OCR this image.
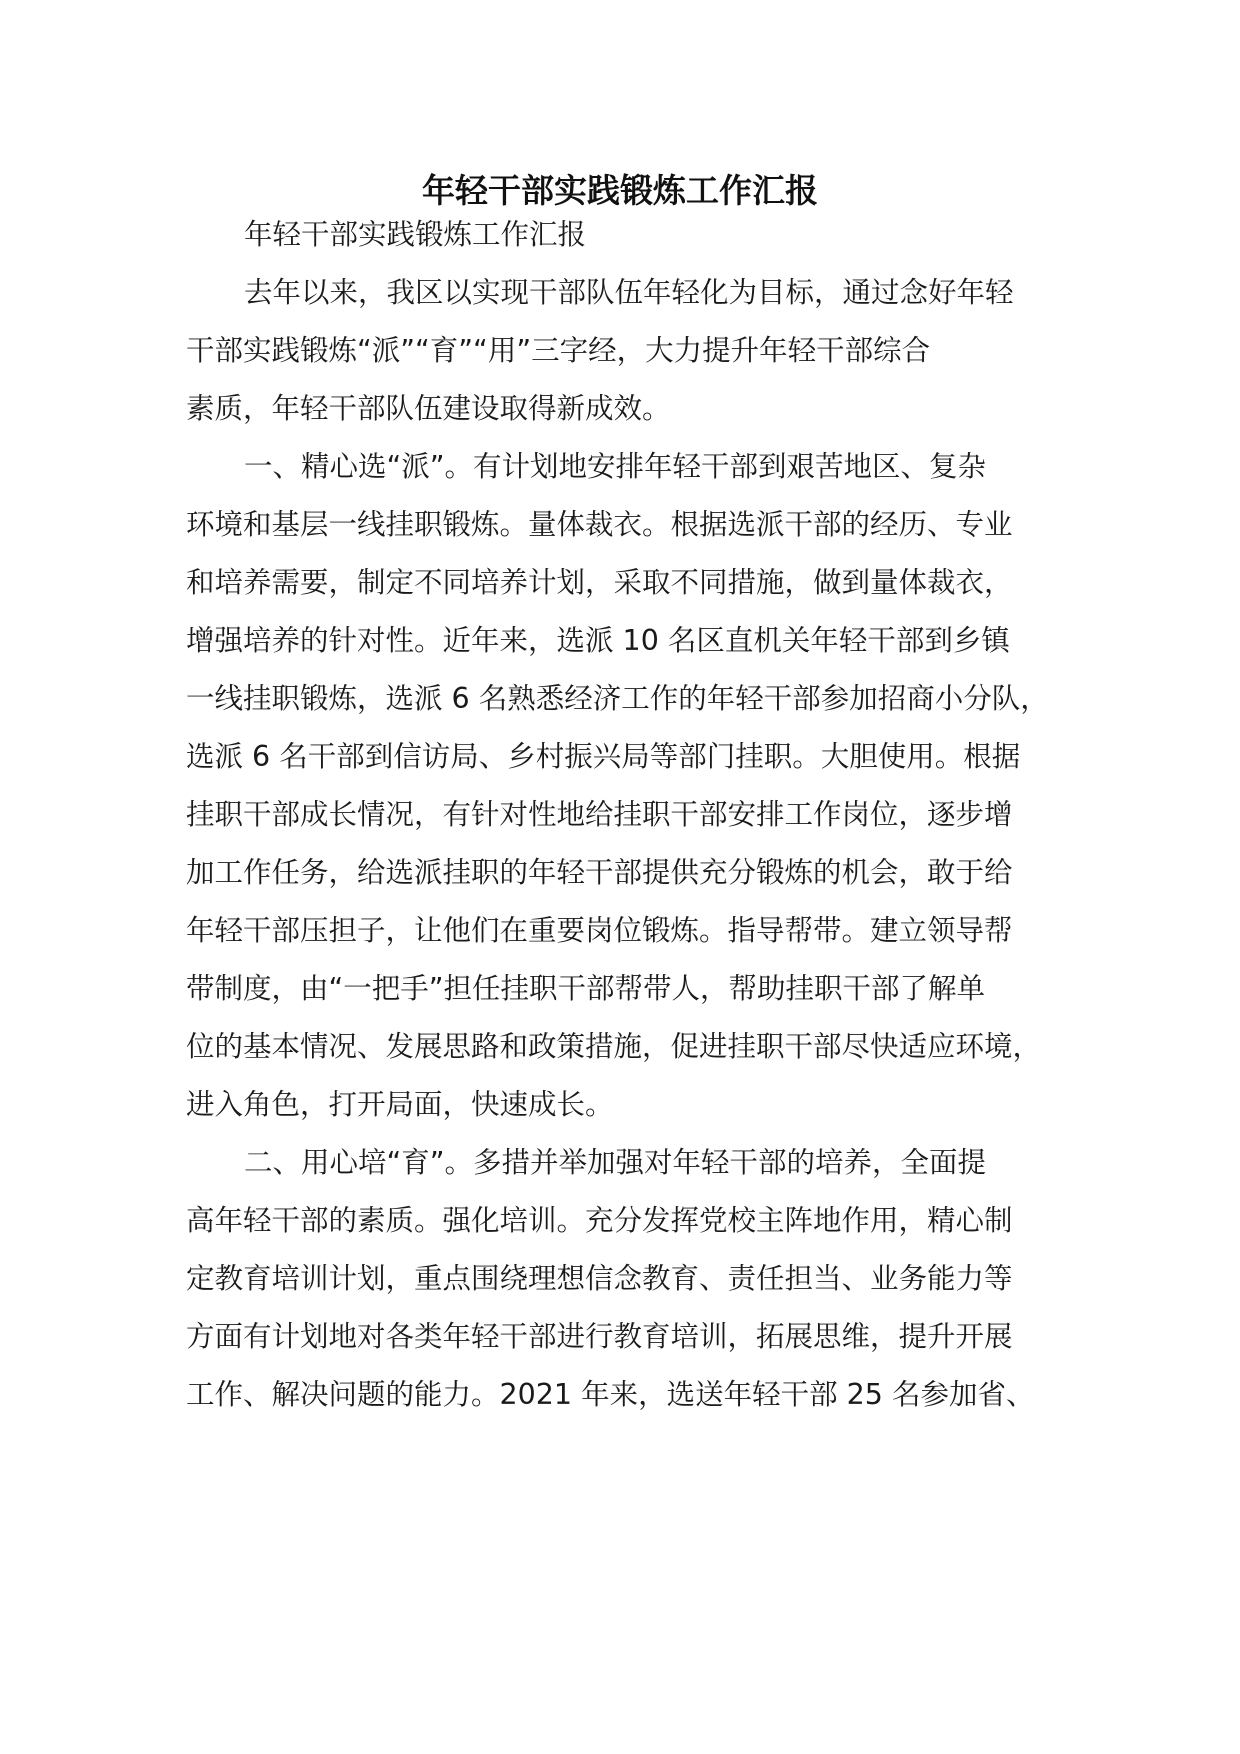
年轻干部实践锻炼工作汇报
年轻干部实践锻炼工作汇报
去年以来，我区以实现干部队伍年轻化为目标，通过念好年轻
干部实践锻炼“派”“育”“用”三字经，大力提升年轻干部综合
素质，年轻干部队伍建设取得新成效。
一、精心选“派”。有计划地安排年轻干部到艰苦地区、复杂
环境和基层一线挂职锻炼。量体裁衣。根据选派干部的经历、专业
和培养需要，制定不同培养计划，采取不同措施，做到量体裁衣，
增强培养的针对性。近年来，选派 10 名区直机关年轻干部到乡镇
一线挂职锻炼，选派 6 名熟悉经济工作的年轻干部参加招商小分队，
选派 6 名干部到信访局、乡村振兴局等部门挂职。大胆使用。根据
挂职干部成长情况，有针对性地给挂职干部安排工作岗位，逐步增
加工作任务，给选派挂职的年轻干部提供充分锻炼的机会，敢于给
年轻干部压担子，让他们在重要岗位锻炼。指导帮带。建立领导帮
带制度，由“一把手”担任挂职干部帮带人，帮助挂职干部了解单
位的基本情况、发展思路和政策措施，促进挂职干部尽快适应环境，
进入角色，打开局面，快速成长。
二、用心培“育”。多措并举加强对年轻干部的培养，全面提
高年轻干部的素质。强化培训。充分发挥党校主阵地作用，精心制
定教育培训计划，重点围绕理想信念教育、责任担当、业务能力等
方面有计划地对各类年轻干部进行教育培训，拓展思维，提升开展
工作、解决问题的能力。2021 年来，选送年轻干部 25 名参加省、
